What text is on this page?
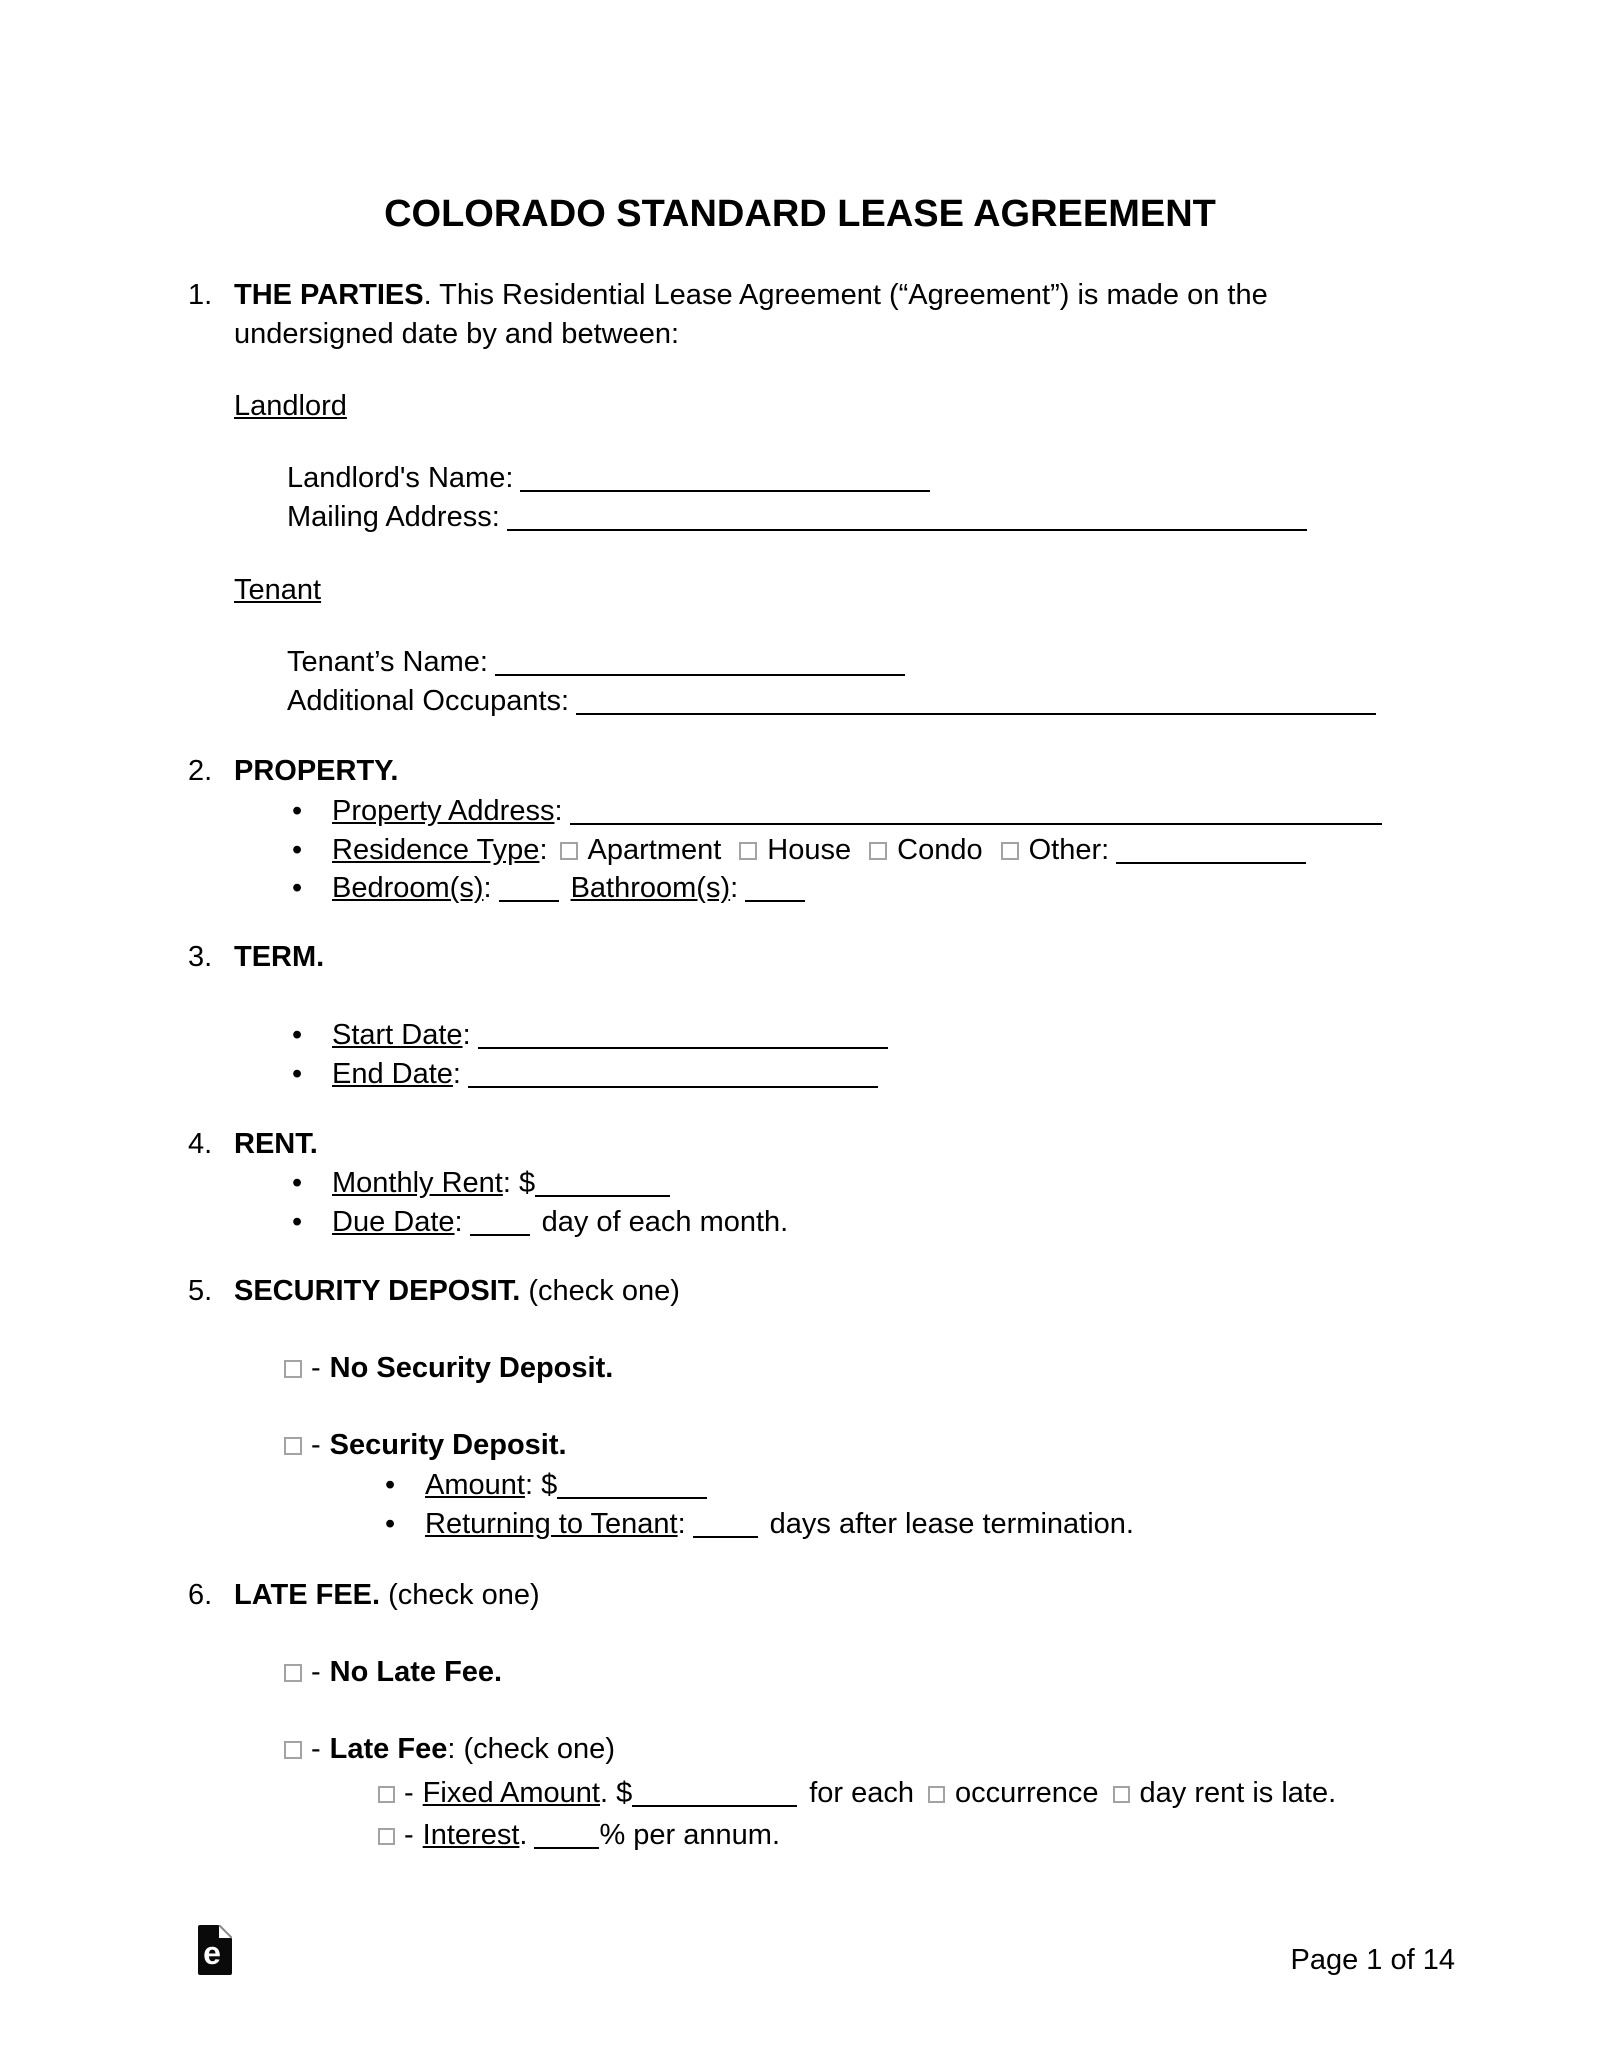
COLORADO STANDARD LEASE AGREEMENT
1. THE PARTIES. This Residential Lease Agreement (“Agreement”) is made on the
undersigned date by and between:
Landlord
Landlord's Name:
Mailing Address:
Tenant
Tenant’s Name:
Additional Occupants:
2. PROPERTY.
•Property Address:
•Residence Type: Apartment House Condo Other:
•Bedroom(s):	Bathroom(s):
3. TERM.
•Start Date:
•End Date:
4. RENT.
•Monthly Rent: $
•Due Date:	day of each month.
5. SECURITY DEPOSIT. (check one)
- No Security Deposit.
- Security Deposit.
•Amount: $
•Returning to Tenant:	days after lease termination.
6. LATE FEE. (check one)
- No Late Fee.
- Late Fee: (check one)
- Fixed Amount. $	for each occurrence day rent is late.
- Interest. % per annum.
e	Page 1 of 14
